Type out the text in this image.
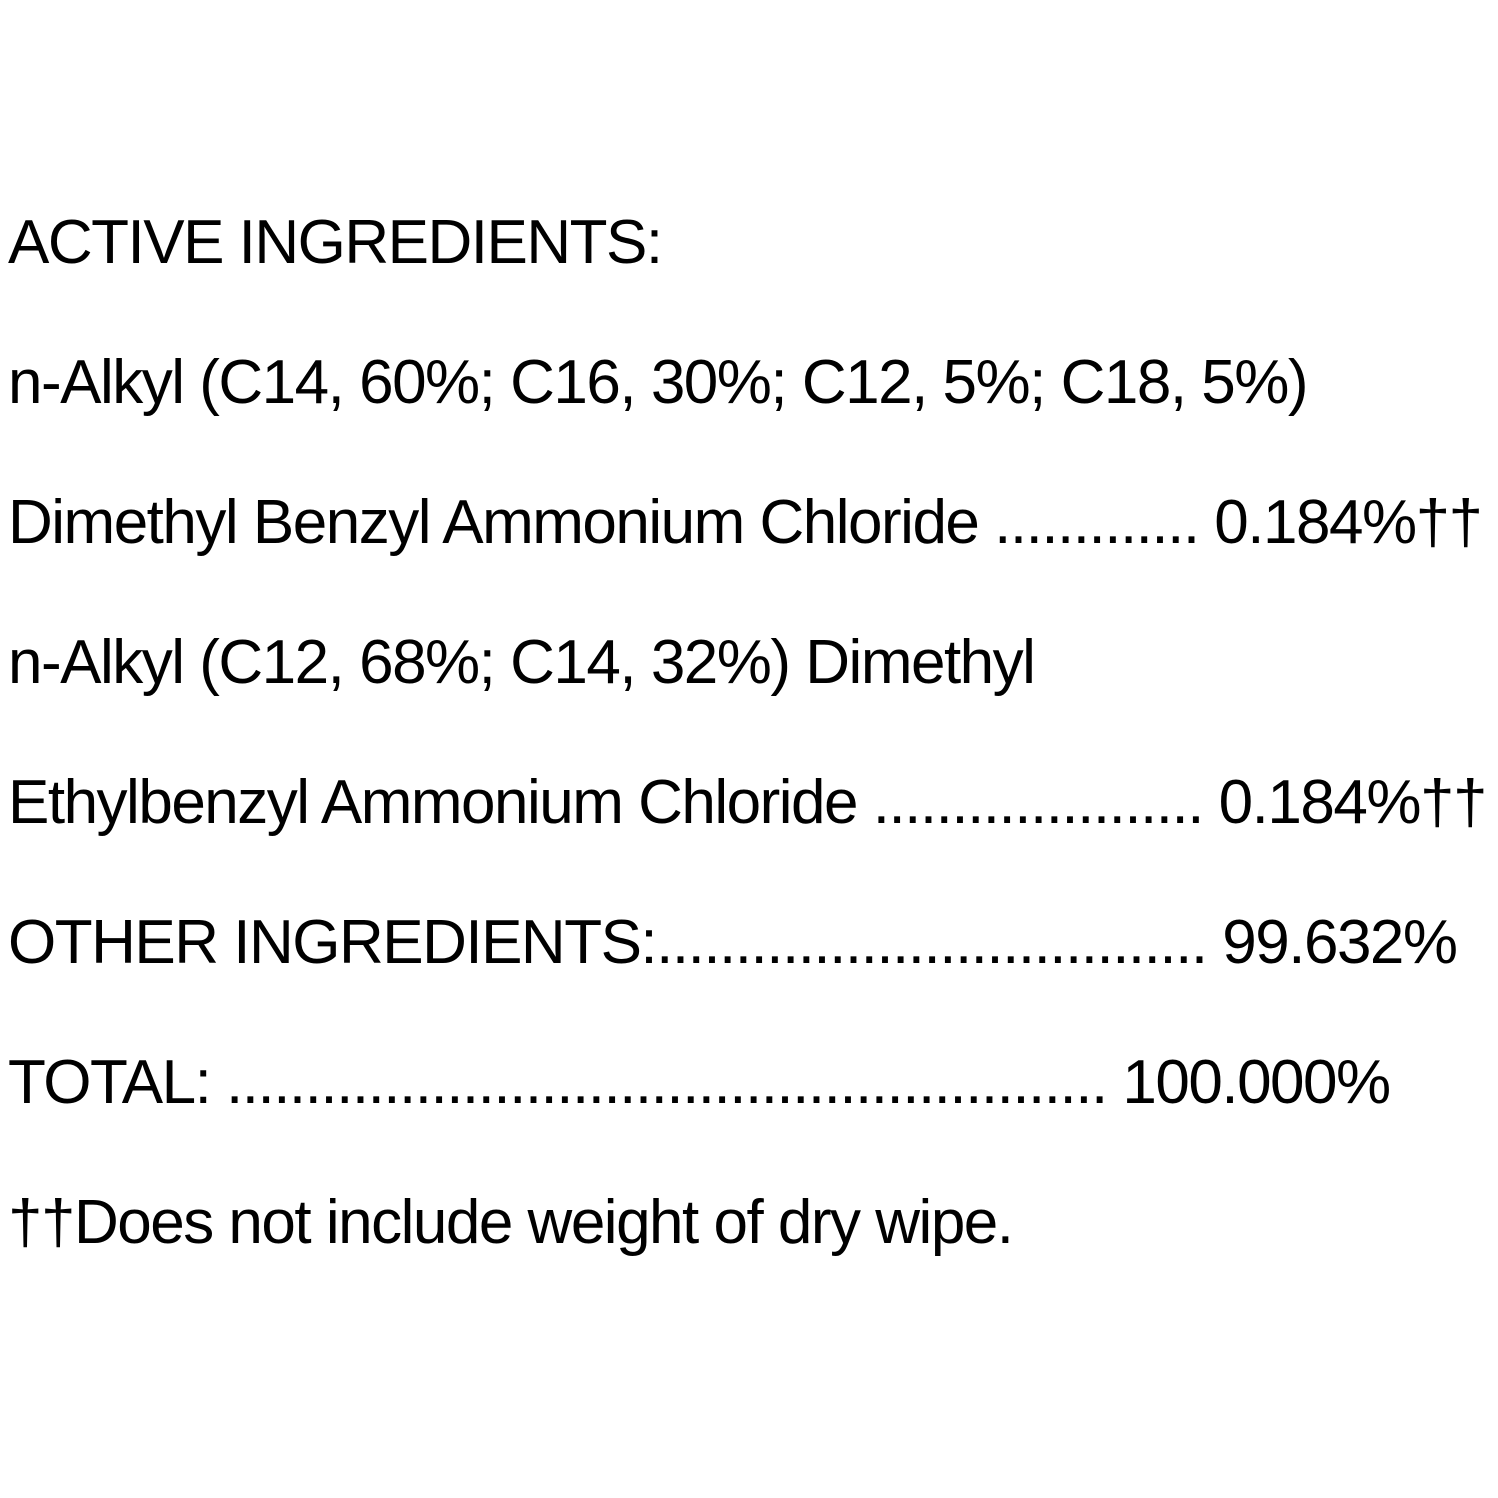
ACTIVE INGREDIENTS:
n-Alkyl (C14, 60%; C16, 30%; C12, 5%; C18, 5%)
Dimethyl Benzyl Ammonium Chloride ............. 0.184%††
n-Alkyl (C12, 68%; C14, 32%) Dimethyl
Ethylbenzyl Ammonium Chloride ..................... 0.184%††
OTHER INGREDIENTS:................................... 99.632%
TOTAL: ........................................................ 100.000%
††Does not include weight of dry wipe.
